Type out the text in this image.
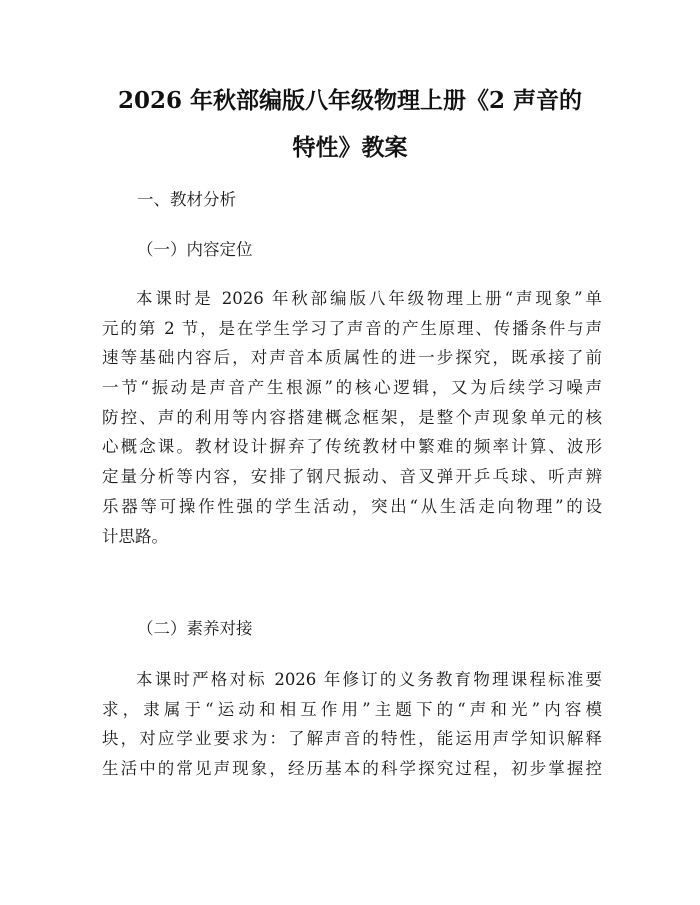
2026 年秋部编版八年级物理上册《2 声音的
特性》教案
一、教材分析
（一）内容定位
本课时是 2026 年秋部编版八年级物理上册“声现象”单
元的第 2 节，是在学生学习了声音的产生原理、传播条件与声
速等基础内容后，对声音本质属性的进一步探究，既承接了前
一节“振动是声音产生根源”的核心逻辑，又为后续学习噪声
防控、声的利用等内容搭建概念框架，是整个声现象单元的核
心概念课。教材设计摒弃了传统教材中繁难的频率计算、波形
定量分析等内容，安排了钢尺振动、音叉弹开乒乓球、听声辨
乐器等可操作性强的学生活动，突出“从生活走向物理”的设
计思路。
（二）素养对接
本课时严格对标 2026 年修订的义务教育物理课程标准要
求，隶属于“运动和相互作用”主题下的“声和光”内容模
块，对应学业要求为：了解声音的特性，能运用声学知识解释
生活中的常见声现象，经历基本的科学探究过程，初步掌握控
